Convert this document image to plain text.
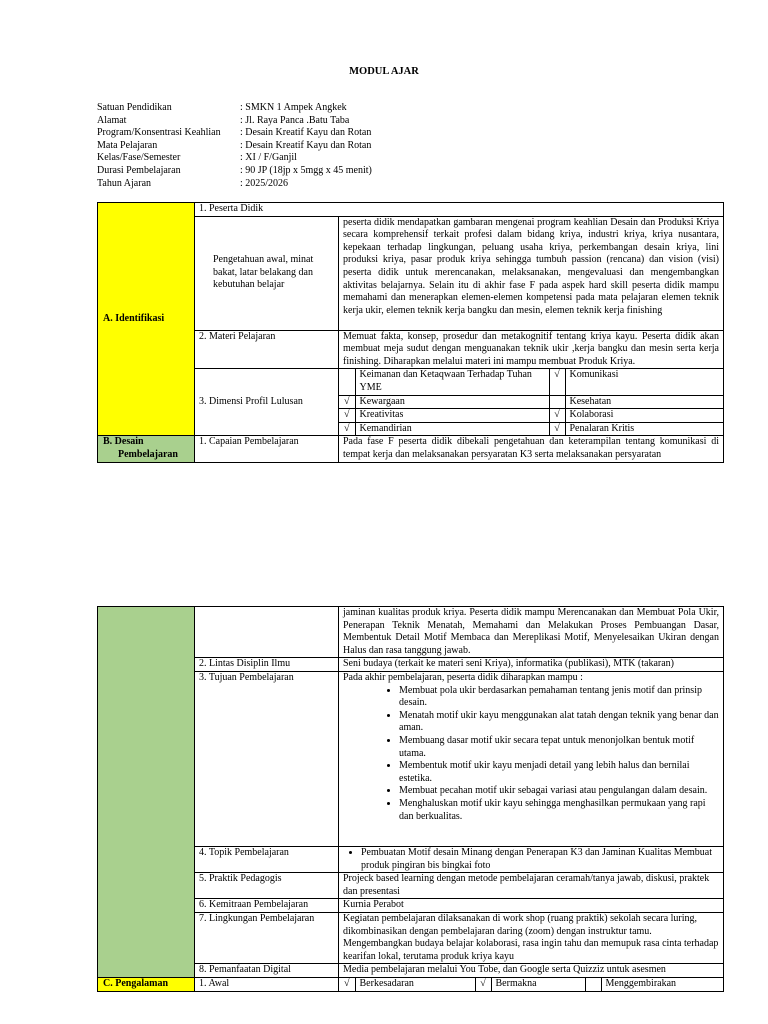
MODUL AJAR
Satuan Pendidikan	: SMKN 1 Ampek Angkek
Alamat	: Jl. Raya Panca .Batu Taba
Program/Konsentrasi Keahlian : Desain Kreatif Kayu dan Rotan
Mata Pelajaran	: Desain Kreatif Kayu dan Rotan
Kelas/Fase/Semester	: XI / F/Ganjil
Durasi Pembelajaran	: 90 JP (18jp x 5mgg x 45 menit)
Tahun Ajaran	: 2025/2026
A. Identifikasi	1. Peserta Didik
Pengetahuan awal, minat bakat, latar belakang dan kebutuhan belajar	peserta didik mendapatkan gambaran mengenai program keahlian Desain dan Produksi Kriya secara komprehensif terkait profesi dalam bidang kriya, industri kriya, kriya nusantara, kepekaan terhadap lingkungan, peluang usaha kriya, perkembangan desain kriya, lini produksi kriya, pasar produk kriya sehingga tumbuh passion (rencana) dan vision (visi) peserta didik untuk merencanakan, melaksanakan, mengevaluasi dan mengembangkan aktivitas belajarnya. Selain itu di akhir fase F pada aspek hard skill peserta didik mampu memahami dan menerapkan elemen-elemen kompetensi pada mata pelajaran elemen teknik kerja ukir, elemen teknik kerja bangku dan mesin, elemen teknik kerja finishing
2. Materi Pelajaran	Memuat fakta, konsep, prosedur dan metakognitif tentang kriya kayu. Peserta didik akan membuat meja sudut dengan menguanakan teknik ukir ,kerja bangku dan mesin serta kerja finishing. Diharapkan melalui materi ini mampu membuat Produk Kriya.
3. Dimensi Profil Lulusan	
	Keimanan dan Ketaqwaan Terhadap Tuhan YME	√	Komunikasi
√	Kewargaan		Kesehatan
√	Kreativitas	√	Kolaborasi
√	Kemandirian	√	Penalaran Kritis

B. Desain
Pembelajaran
	1. Capaian Pembelajaran	Pada fase F peserta didik dibekali pengetahuan dan keterampilan tentang komunikasi di tempat kerja dan melaksanakan persyaratan K3 serta melaksanakan persyaratan
		jaminan kualitas produk kriya. Peserta didik mampu Merencanakan dan Membuat Pola Ukir, Penerapan Teknik Menatah, Memahami dan Melakukan Proses Pembuangan Dasar, Membentuk Detail Motif Membaca dan Mereplikasi Motif, Menyelesaikan Ukiran dengan Halus dan rasa tanggung jawab.
2. Lintas Disiplin Ilmu	Seni budaya (terkait ke materi seni Kriya), informatika (publikasi), MTK (takaran)
3. Tujuan Pembelajaran	Pada akhir pembelajaran, peserta didik diharapkan mampu :
• Membuat pola ukir berdasarkan pemahaman tentang jenis motif dan prinsip desain.
• Menatah motif ukir kayu menggunakan alat tatah dengan teknik yang benar dan aman.
• Membuang dasar motif ukir secara tepat untuk menonjolkan bentuk motif utama.
• Membentuk motif ukir kayu menjadi detail yang lebih halus dan bernilai estetika.
• Membuat pecahan motif ukir sebagai variasi atau pengulangan dalam desain.
• Menghaluskan motif ukir kayu sehingga menghasilkan permukaan yang rapi dan berkualitas.

4. Topik Pembelajaran	
•Pembuatan Motif desain Minang dengan Penerapan K3 dan Jaminan Kualitas Membuat produk pingiran bis bingkai foto

5. Praktik Pedagogis	Projeck based learning dengan metode pembelajaran ceramah/tanya jawab, diskusi, praktek dan presentasi
6. Kemitraan Pembelajaran	Kurnia Perabot
7. Lingkungan Pembelajaran	Kegiatan pembelajaran dilaksanakan di work shop (ruang praktik) sekolah secara luring, dikombinasikan dengan pembelajaran daring (zoom) dengan instruktur tamu. Mengembangkan budaya belajar kolaborasi, rasa ingin tahu dan memupuk rasa cinta terhadap kearifan lokal, terutama produk kriya kayu
8. Pemanfaatan Digital	Media pembelajaran melalui You Tobe, dan Google serta Quizziz untuk asesmen

C. Pengalaman	1. Awal		√	Berkesadaran	√	Bermakna		Menggembirakan
